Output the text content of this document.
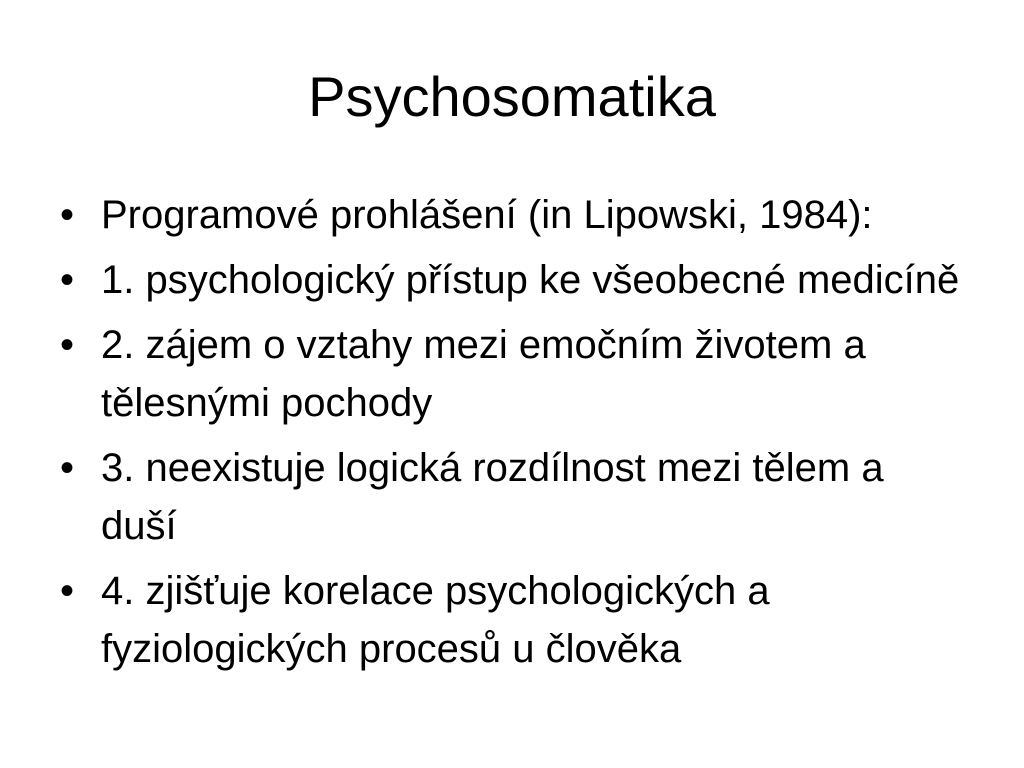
Psychosomatika
• Programové prohlášení (in Lipowski, 1984):
• 1. psychologický přístup ke všeobecné medicíně
• 2. zájem o vztahy mezi emočním životem a tělesnými pochody
• 3. neexistuje logická rozdílnost mezi tělem a duší
• 4. zjišťuje korelace psychologických a fyziologických procesů u člověka
